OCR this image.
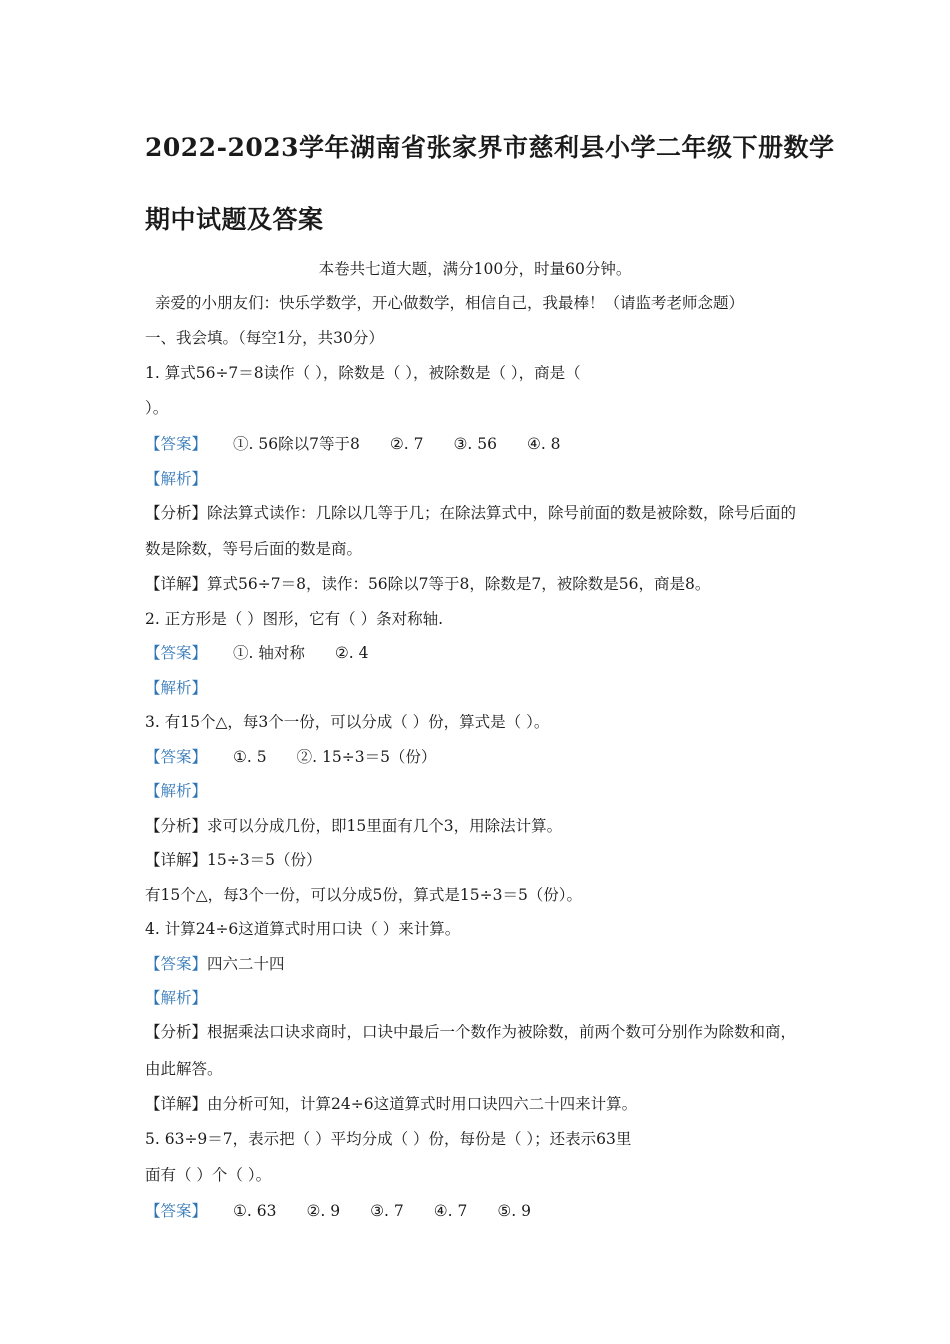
2022-2023学年湖南省张家界市慈利县小学二年级下册数学
期中试题及答案
本卷共七道大题，满分100分，时量60分钟。
亲爱的小朋友们：快乐学数学，开心做数学，相信自己，我最棒！（请监考老师念题）
一、我会填。（每空1分，共30分）
1. 算式56÷7＝8读作（ ），除数是（ ），被除数是（ ），商是（
）。
【答案】 ①. 56除以7等于8 ②. 7 ③. 56 ④. 8
【解析】
【分析】除法算式读作：几除以几等于几；在除法算式中，除号前面的数是被除数，除号后面的
数是除数，等号后面的数是商。
【详解】算式56÷7＝8，读作：56除以7等于8，除数是7，被除数是56，商是8。
2. 正方形是（ ）图形，它有（ ）条对称轴.
【答案】 ①. 轴对称 ②. 4
【解析】
3. 有15个△，每3个一份，可以分成（ ）份，算式是（ ）。
【答案】 ①. 5 ②. 15÷3＝5（份）
【解析】
【分析】求可以分成几份，即15里面有几个3，用除法计算。
【详解】15÷3＝5（份）
有15个△，每3个一份，可以分成5份，算式是15÷3＝5（份）。
4. 计算24÷6这道算式时用口诀（ ）来计算。
【答案】四六二十四
【解析】
【分析】根据乘法口诀求商时，口诀中最后一个数作为被除数，前两个数可分别作为除数和商，
由此解答。
【详解】由分析可知，计算24÷6这道算式时用口诀四六二十四来计算。
5. 63÷9＝7，表示把（ ）平均分成（ ）份，每份是（ ）；还表示63里
面有（ ）个（ ）。
【答案】 ①. 63 ②. 9 ③. 7 ④. 7 ⑤. 9
